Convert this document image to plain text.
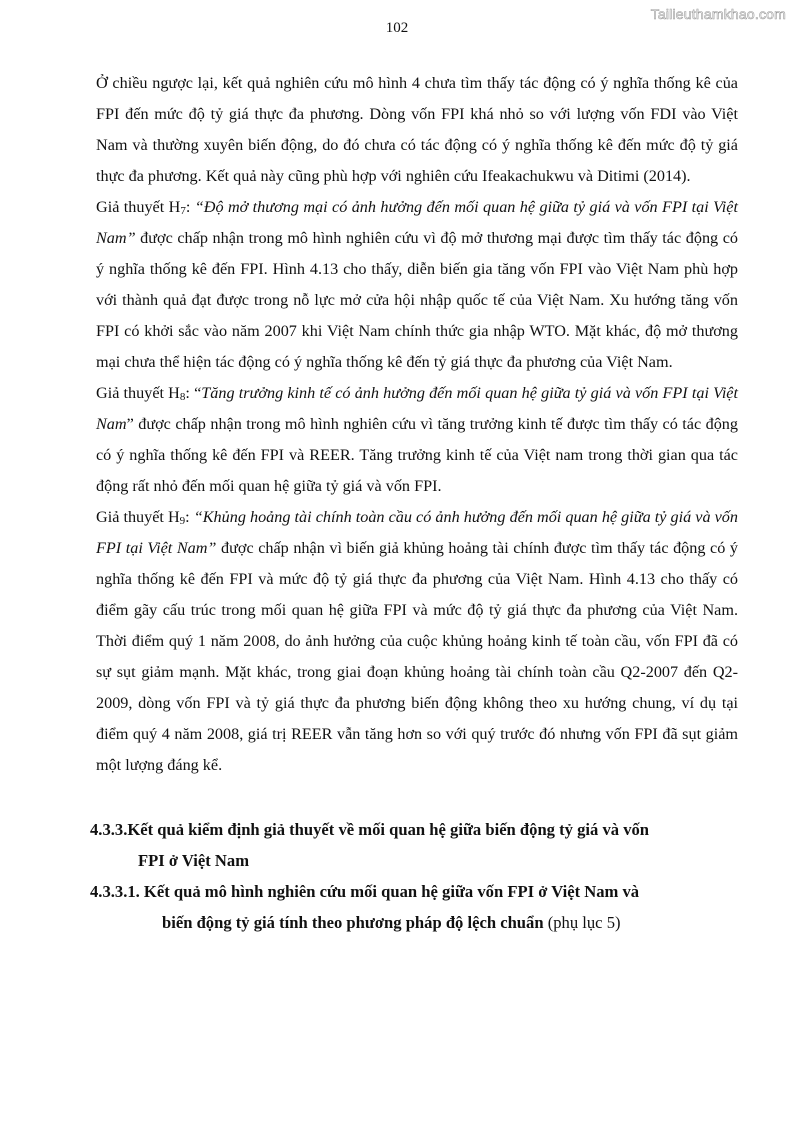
Tailieuthamkhao.com
102

Ở chiều ngược lại, kết quả nghiên cứu mô hình 4 chưa tìm thấy tác động có ý nghĩa thống kê của FPI đến mức độ tỷ giá thực đa phương. Dòng vốn FPI khá nhỏ so với lượng vốn FDI vào Việt Nam và thường xuyên biến động, do đó chưa có tác động có ý nghĩa thống kê đến mức độ tỷ giá thực đa phương. Kết quả này cũng phù hợp với nghiên cứu Ifeakachukwu và Ditimi (2014).

Giả thuyết H7: “Độ mở thương mại có ảnh hưởng đến mối quan hệ giữa tỷ giá và vốn FPI tại Việt Nam” được chấp nhận trong mô hình nghiên cứu vì độ mở thương mại được tìm thấy tác động có ý nghĩa thống kê đến FPI. Hình 4.13 cho thấy, diễn biến gia tăng vốn FPI vào Việt Nam phù hợp với thành quả đạt được trong nỗ lực mở cửa hội nhập quốc tế của Việt Nam. Xu hướng tăng vốn FPI có khởi sắc vào năm 2007 khi Việt Nam chính thức gia nhập WTO. Mặt khác, độ mở thương mại chưa thể hiện tác động có ý nghĩa thống kê đến tỷ giá thực đa phương của Việt Nam.

Giả thuyết H8: “Tăng trưởng kinh tế có ảnh hưởng đến mối quan hệ giữa tỷ giá và vốn FPI tại Việt Nam” được chấp nhận trong mô hình nghiên cứu vì tăng trưởng kinh tế được tìm thấy có tác động có ý nghĩa thống kê đến FPI và REER. Tăng trưởng kinh tế của Việt nam trong thời gian qua tác động rất nhỏ đến mối quan hệ giữa tỷ giá và vốn FPI.

Giả thuyết H9: “Khủng hoảng tài chính toàn cầu có ảnh hưởng đến mối quan hệ giữa tỷ giá và vốn FPI tại Việt Nam” được chấp nhận vì biến giả khủng hoảng tài chính được tìm thấy tác động có ý nghĩa thống kê đến FPI và mức độ tỷ giá thực đa phương của Việt Nam. Hình 4.13 cho thấy có điểm gãy cấu trúc trong mối quan hệ giữa FPI và mức độ tỷ giá thực đa phương của Việt Nam. Thời điểm quý 1 năm 2008, do ảnh hưởng của cuộc khủng hoảng kinh tế toàn cầu, vốn FPI đã có sự sụt giảm mạnh. Mặt khác, trong giai đoạn khủng hoảng tài chính toàn cầu Q2-2007 đến Q2-2009, dòng vốn FPI và tỷ giá thực đa phương biến động không theo xu hướng chung, ví dụ tại điểm quý 4 năm 2008, giá trị REER vẫn tăng hơn so với quý trước đó nhưng vốn FPI đã sụt giảm một lượng đáng kể.

4.3.3.Kết quả kiểm định giả thuyết về mối quan hệ giữa biến động tỷ giá và vốn
FPI ở Việt Nam
4.3.3.1. Kết quả mô hình nghiên cứu mối quan hệ giữa vốn FPI ở Việt Nam và
biến động tỷ giá tính theo phương pháp độ lệch chuẩn (phụ lục 5)
